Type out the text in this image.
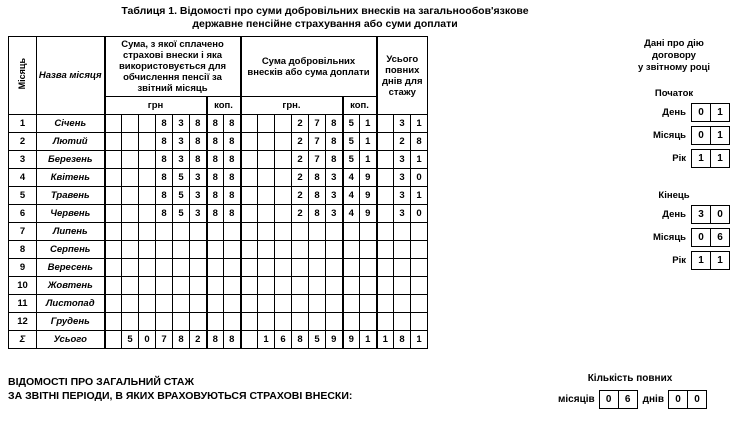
Таблиця 1. Відомості про суми добровільних внесків на загальнообов'язкове
державне пенсійне страхування або суми доплати
Місяць	Назва місяця	Сума, з якої сплачено страхові внески і яка використовується для обчислення пенсії за звітний місяць								Сума добровільних внесків або сума доплати								Усього повних днів для стажу		

		грн						коп.		грн.						коп.				
1	Січень				8	3	8	8	8				2	7	8	5	1		3	1
2	Лютий				8	3	8	8	8				2	7	8	5	1		2	8
3	Березень				8	3	8	8	8				2	7	8	5	1		3	1
4	Квітень				8	5	3	8	8				2	8	3	4	9		3	0
5	Травень				8	5	3	8	8				2	8	3	4	9		3	1
6	Червень				8	5	3	8	8				2	8	3	4	9		3	0
7	Липень																			
8	Серпень																			
9	Вересень																			
10	Жовтень																			
11	Листопад																			
12	Грудень																			
Σ	Усього		5	0	7	8	2	8	8		1	6	8	5	9	9	1	1	8	1
Дані про дію
договору
у звітному році
Початок
День	0	1
Місяць	0	1
Рік	1	1
Кінець
День	3	0
Місяць	0	6
Рік	1	1
ВІДОМОСТІ ПРО ЗАГАЛЬНИЙ СТАЖ
ЗА ЗВІТНІ ПЕРІОДИ, В ЯКИХ ВРАХОВУЮТЬСЯ СТРАХОВІ ВНЕСКИ:
Кількість повних
місяців	0	6	днів	0	0
